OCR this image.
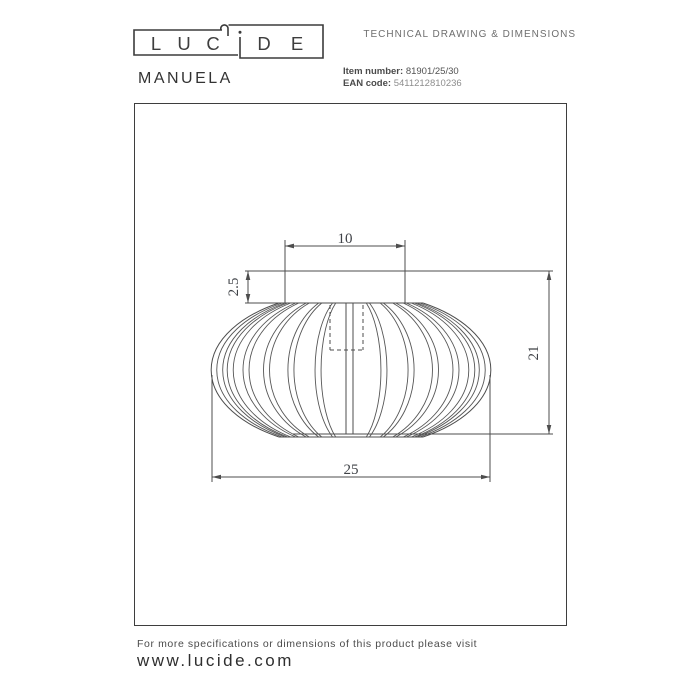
L U C D E	TECHNICAL DRAWING & DIMENSIONS
MANUELA	Item number: 81901/25/30
EAN code: 5411212810236
10
2.5
21
25
For more specifications or dimensions of this product please visit
www.lucide.com
